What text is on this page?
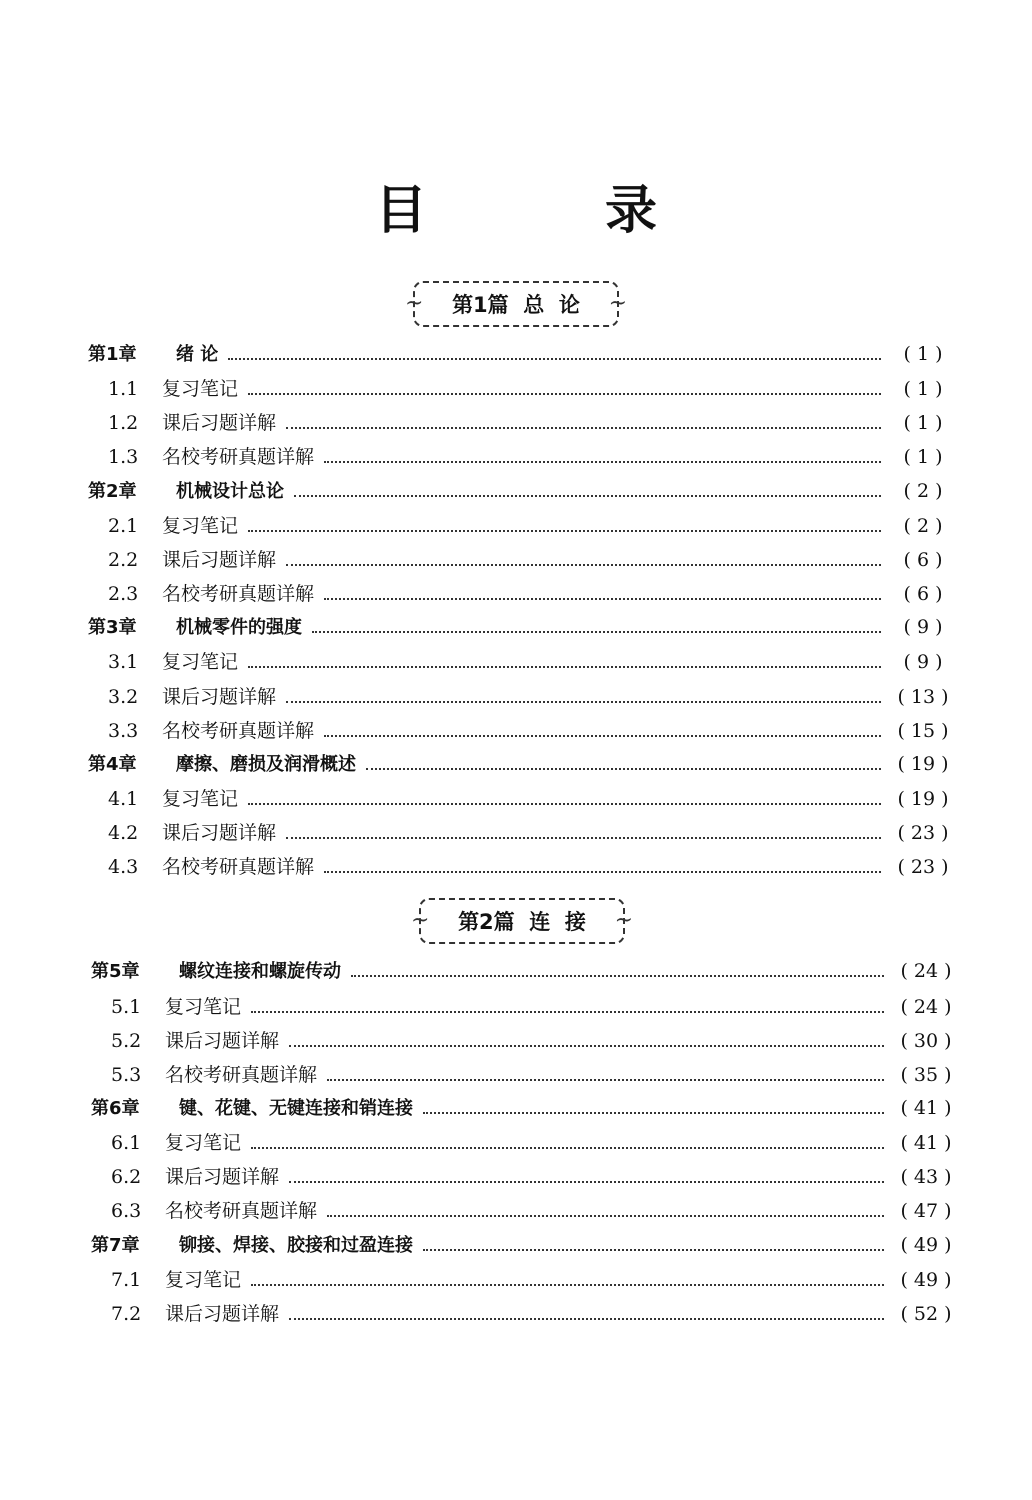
目 录
~ 第1篇  总  论
~
~ 第2篇  连  接
~
第1章	绪 论	( 1 )
1.1	复习笔记	( 1 )
1.2	课后习题详解	( 1 )
1.3	名校考研真题详解	( 1 )
第2章	机械设计总论	( 2 )
2.1	复习笔记	( 2 )
2.2	课后习题详解	( 6 )
2.3	名校考研真题详解	( 6 )
第3章	机械零件的强度	( 9 )
3.1	复习笔记	( 9 )
3.2	课后习题详解	( 13 )
3.3	名校考研真题详解	( 15 )
第4章	摩擦、磨损及润滑概述	( 19 )
4.1	复习笔记	( 19 )
4.2	课后习题详解	( 23 )
4.3	名校考研真题详解	( 23 )
第5章	螺纹连接和螺旋传动	( 24 )
5.1	复习笔记	( 24 )
5.2	课后习题详解	( 30 )
5.3	名校考研真题详解	( 35 )
第6章	键、花键、无键连接和销连接	( 41 )
6.1	复习笔记	( 41 )
6.2	课后习题详解	( 43 )
6.3	名校考研真题详解	( 47 )
第7章	铆接、焊接、胶接和过盈连接	( 49 )
7.1	复习笔记	( 49 )
7.2	课后习题详解	( 52 )
